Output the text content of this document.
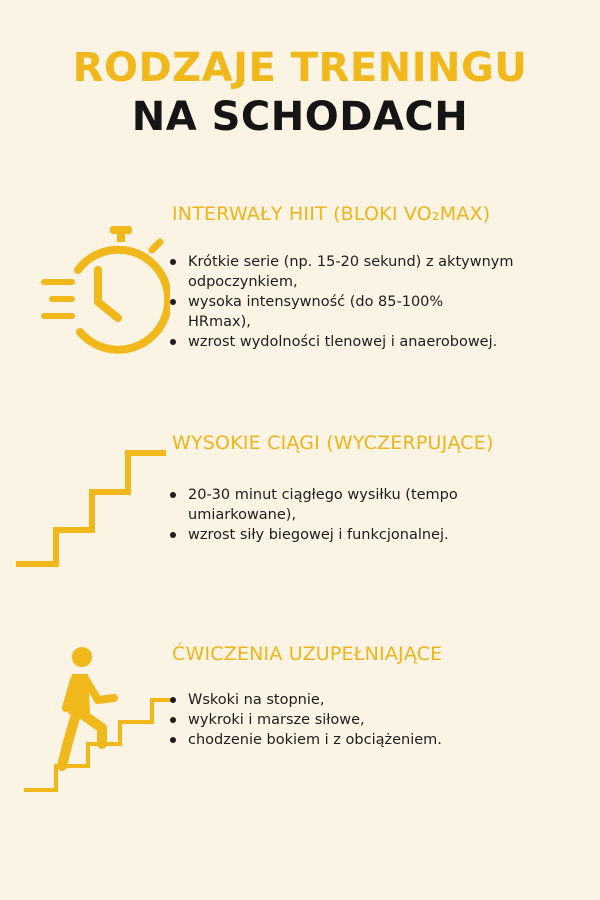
RODZAJE TRENINGU
NA SCHODACH
INTERWAŁY HIIT (BLOKI VO₂MAX)
Krótkie serie (np. 15-20 sekund) z aktywnym odpoczynkiem,
wysoka intensywność (do 85-100% HRmax),
wzrost wydolności tlenowej i anaerobowej.
WYSOKIE CIĄGI (WYCZERPUJĄCE)
20-30 minut ciągłego wysiłku (tempo umiarkowane),
wzrost siły biegowej i funkcjonalnej.
ĆWICZENIA UZUPEŁNIAJĄCE
Wskoki na stopnie,
wykroki i marsze siłowe,
chodzenie bokiem i z obciążeniem.
